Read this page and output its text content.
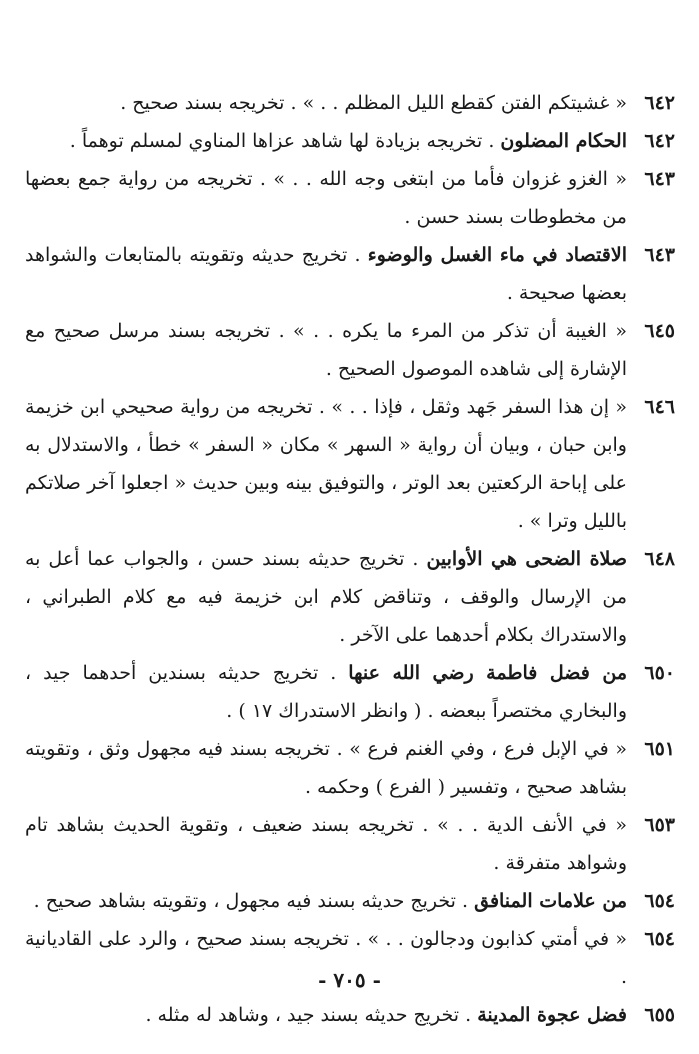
٦٤٢
« غشيتكم الفتن كقطع الليل المظلم . . » . تخريجه بسند صحيح .
٦٤٢
الحكام المضلون . تخريجه بزيادة لها شاهد عزاها المناوي لمسلم توهماً .
٦٤٣
« الغزو غزوان فأما من ابتغى وجه الله . . » . تخريجه من رواية جمع بعضها من مخطوطات بسند حسن .
٦٤٣
الاقتصاد في ماء الغسل والوضوء . تخريج حديثه وتقويته بالمتابعات والشواهد بعضها صحيحة .
٦٤٥
« الغيبة أن تذكر من المرء ما يكره . . » . تخريجه بسند مرسل صحيح مع الإشارة إلى شاهده الموصول الصحيح .
٦٤٦
« إن هذا السفر جَهد وثقل ، فإذا . . » . تخريجه من رواية صحيحي ابن خزيمة وابن حبان ، وبيان أن رواية « السهر » مكان « السفر » خطأ ، والاستدلال به على إباحة الركعتين بعد الوتر ، والتوفيق بينه وبين حديث « اجعلوا آخر صلاتكم بالليل وترا » .
٦٤٨
صلاة الضحى هي الأوابين . تخريج حديثه بسند حسن ، والجواب عما أعل به من الإرسال والوقف ، وتناقض كلام ابن خزيمة فيه مع كلام الطبراني ، والاستدراك بكلام أحدهما على الآخر .
٦٥٠
من فضل فاطمة رضي الله عنها . تخريج حديثه بسندين أحدهما جيد ، والبخاري مختصراً ببعضه . ( وانظر الاستدراك ١٧ ) .
٦٥١
« في الإبل فرع ، وفي الغنم فرع » . تخريجه بسند فيه مجهول وثق ، وتقويته بشاهد صحيح ، وتفسير ( الفرع ) وحكمه .
٦٥٣
« في الأنف الدية . . » . تخريجه بسند ضعيف ، وتقوية الحديث بشاهد تام وشواهد متفرقة .
٦٥٤
من علامات المنافق . تخريج حديثه بسند فيه مجهول ، وتقويته بشاهد صحيح .
٦٥٤
« في أمتي كذابون ودجالون . . » . تخريجه بسند صحيح ، والرد على القاديانية .
٦٥٥
فضل عجوة المدينة . تخريج حديثه بسند جيد ، وشاهد له مثله .
- ٧٠٥ -
